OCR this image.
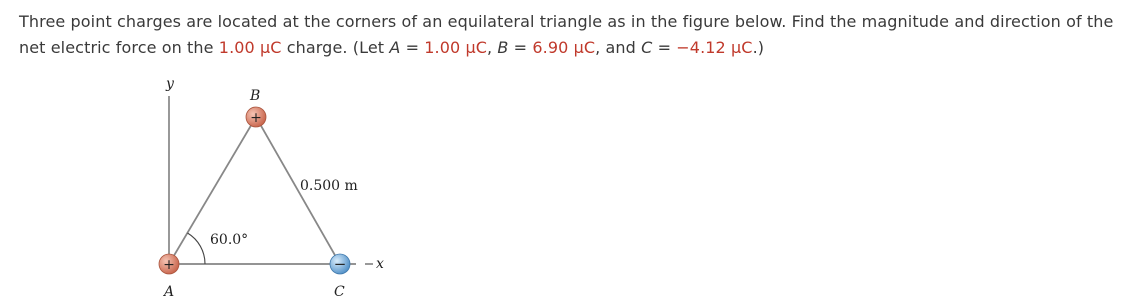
Three point charges are located at the corners of an equilateral triangle as in the figure below. Find the magnitude and direction of the net electric force on the 1.00 μC charge. (Let A = 1.00 μC, B = 6.90 μC, and C = −4.12 μC.)
y
x
60.0°
0.500 m
B
+
+
A
−
C
